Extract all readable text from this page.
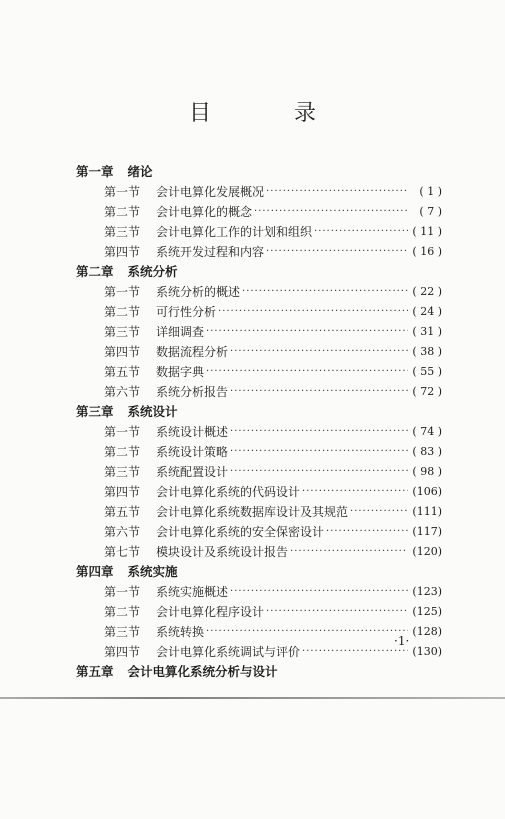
目 录
第一章 绪论
第一节	会计电算化发展概况 ·····	( 1 )
第二节	会计电算化的概念 ·····	( 7 )
第三节	会计电算化工作的计划和组织 ·····	( 11 )
第四节	系统开发过程和内容 ·····	( 16 )
第二章 系统分析
第一节	系统分析的概述 ·····	( 22 )
第二节	可行性分析 ·····	( 24 )
第三节	详细调查 ·····	( 31 )
第四节	数据流程分析 ·····	( 38 )
第五节	数据字典 ·····	( 55 )
第六节	系统分析报告 ·····	( 72 )
第三章 系统设计
第一节	系统设计概述 ·····	( 74 )
第二节	系统设计策略 ·····	( 83 )
第三节	系统配置设计 ·····	( 98 )
第四节	会计电算化系统的代码设计 ·····	(106)
第五节	会计电算化系统数据库设计及其规范 ·····	(111)
第六节	会计电算化系统的安全保密设计 ·····	(117)
第七节	模块设计及系统设计报告 ·····	(120)
第四章 系统实施
第一节	系统实施概述 ·····	(123)
第二节	会计电算化程序设计 ·····	(125)
第三节	系统转换 ·····	(128)
第四节	会计电算化系统调试与评价 ·····	(130)
第五章 会计电算化系统分析与设计
·1·
